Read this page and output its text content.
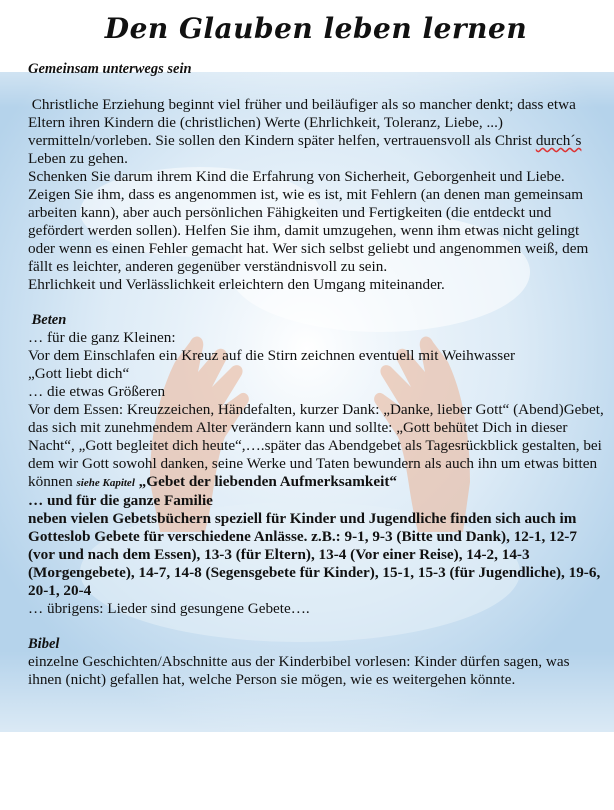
Den Glauben leben lernen
Gemeinsam unterwegs sein

Christliche Erziehung beginnt viel früher und beiläufiger als so mancher denkt; dass etwa Eltern ihren Kindern die (christlichen) Werte (Ehrlichkeit, Toleranz, Liebe, ...) vermitteln/vorleben. Sie sollen den Kindern später helfen, vertrauensvoll als Christ durch´s Leben zu gehen.

Schenken Sie darum ihrem Kind die Erfahrung von Sicherheit, Geborgenheit und Liebe. Zeigen Sie ihm, dass es angenommen ist, wie es ist, mit Fehlern (an denen man gemeinsam arbeiten kann), aber auch persönlichen Fähigkeiten und Fertigkeiten (die entdeckt und gefördert werden sollen). Helfen Sie ihm, damit umzugehen, wenn ihm etwas nicht gelingt oder wenn es einen Fehler gemacht hat. Wer sich selbst geliebt und angenommen weiß, dem fällt es leichter, anderen gegenüber verständnisvoll zu sein.

Ehrlichkeit und Verlässlichkeit erleichtern den Umgang miteinander.

Beten

… für die ganz Kleinen:

Vor dem Einschlafen ein Kreuz auf die Stirn zeichnen eventuell mit Weihwasser

„Gott liebt dich“

… die etwas Größeren

Vor dem Essen: Kreuzzeichen, Händefalten, kurzer Dank: „Danke, lieber Gott“ (Abend)Gebet, das sich mit zunehmendem Alter verändern kann und sollte: „Gott behütet Dich in dieser Nacht“, „Gott begleitet dich heute“,….später das Abendgebet als Tagesrückblick gestalten, bei dem wir Gott sowohl danken, seine Werke und Taten bewundern als auch ihn um etwas bitten können siehe Kapitel „Gebet der liebenden Aufmerksamkeit“

… und für die ganze Familie

neben vielen Gebetsbüchern speziell für Kinder und Jugendliche finden sich auch im Gotteslob Gebete für verschiedene Anlässe. z.B.: 9-1, 9-3 (Bitte und Dank), 12-1, 12-7 (vor und nach dem Essen), 13-3 (für Eltern), 13-4 (Vor einer Reise), 14-2, 14-3 (Morgengebete), 14-7, 14-8 (Segensgebete für Kinder), 15-1, 15-3 (für Jugendliche), 19-6, 20-1, 20-4

… übrigens: Lieder sind gesungene Gebete….

Bibel

einzelne Geschichten/Abschnitte aus der Kinderbibel vorlesen: Kinder dürfen sagen, was ihnen (nicht) gefallen hat, welche Person sie mögen, wie es weitergehen könnte.
